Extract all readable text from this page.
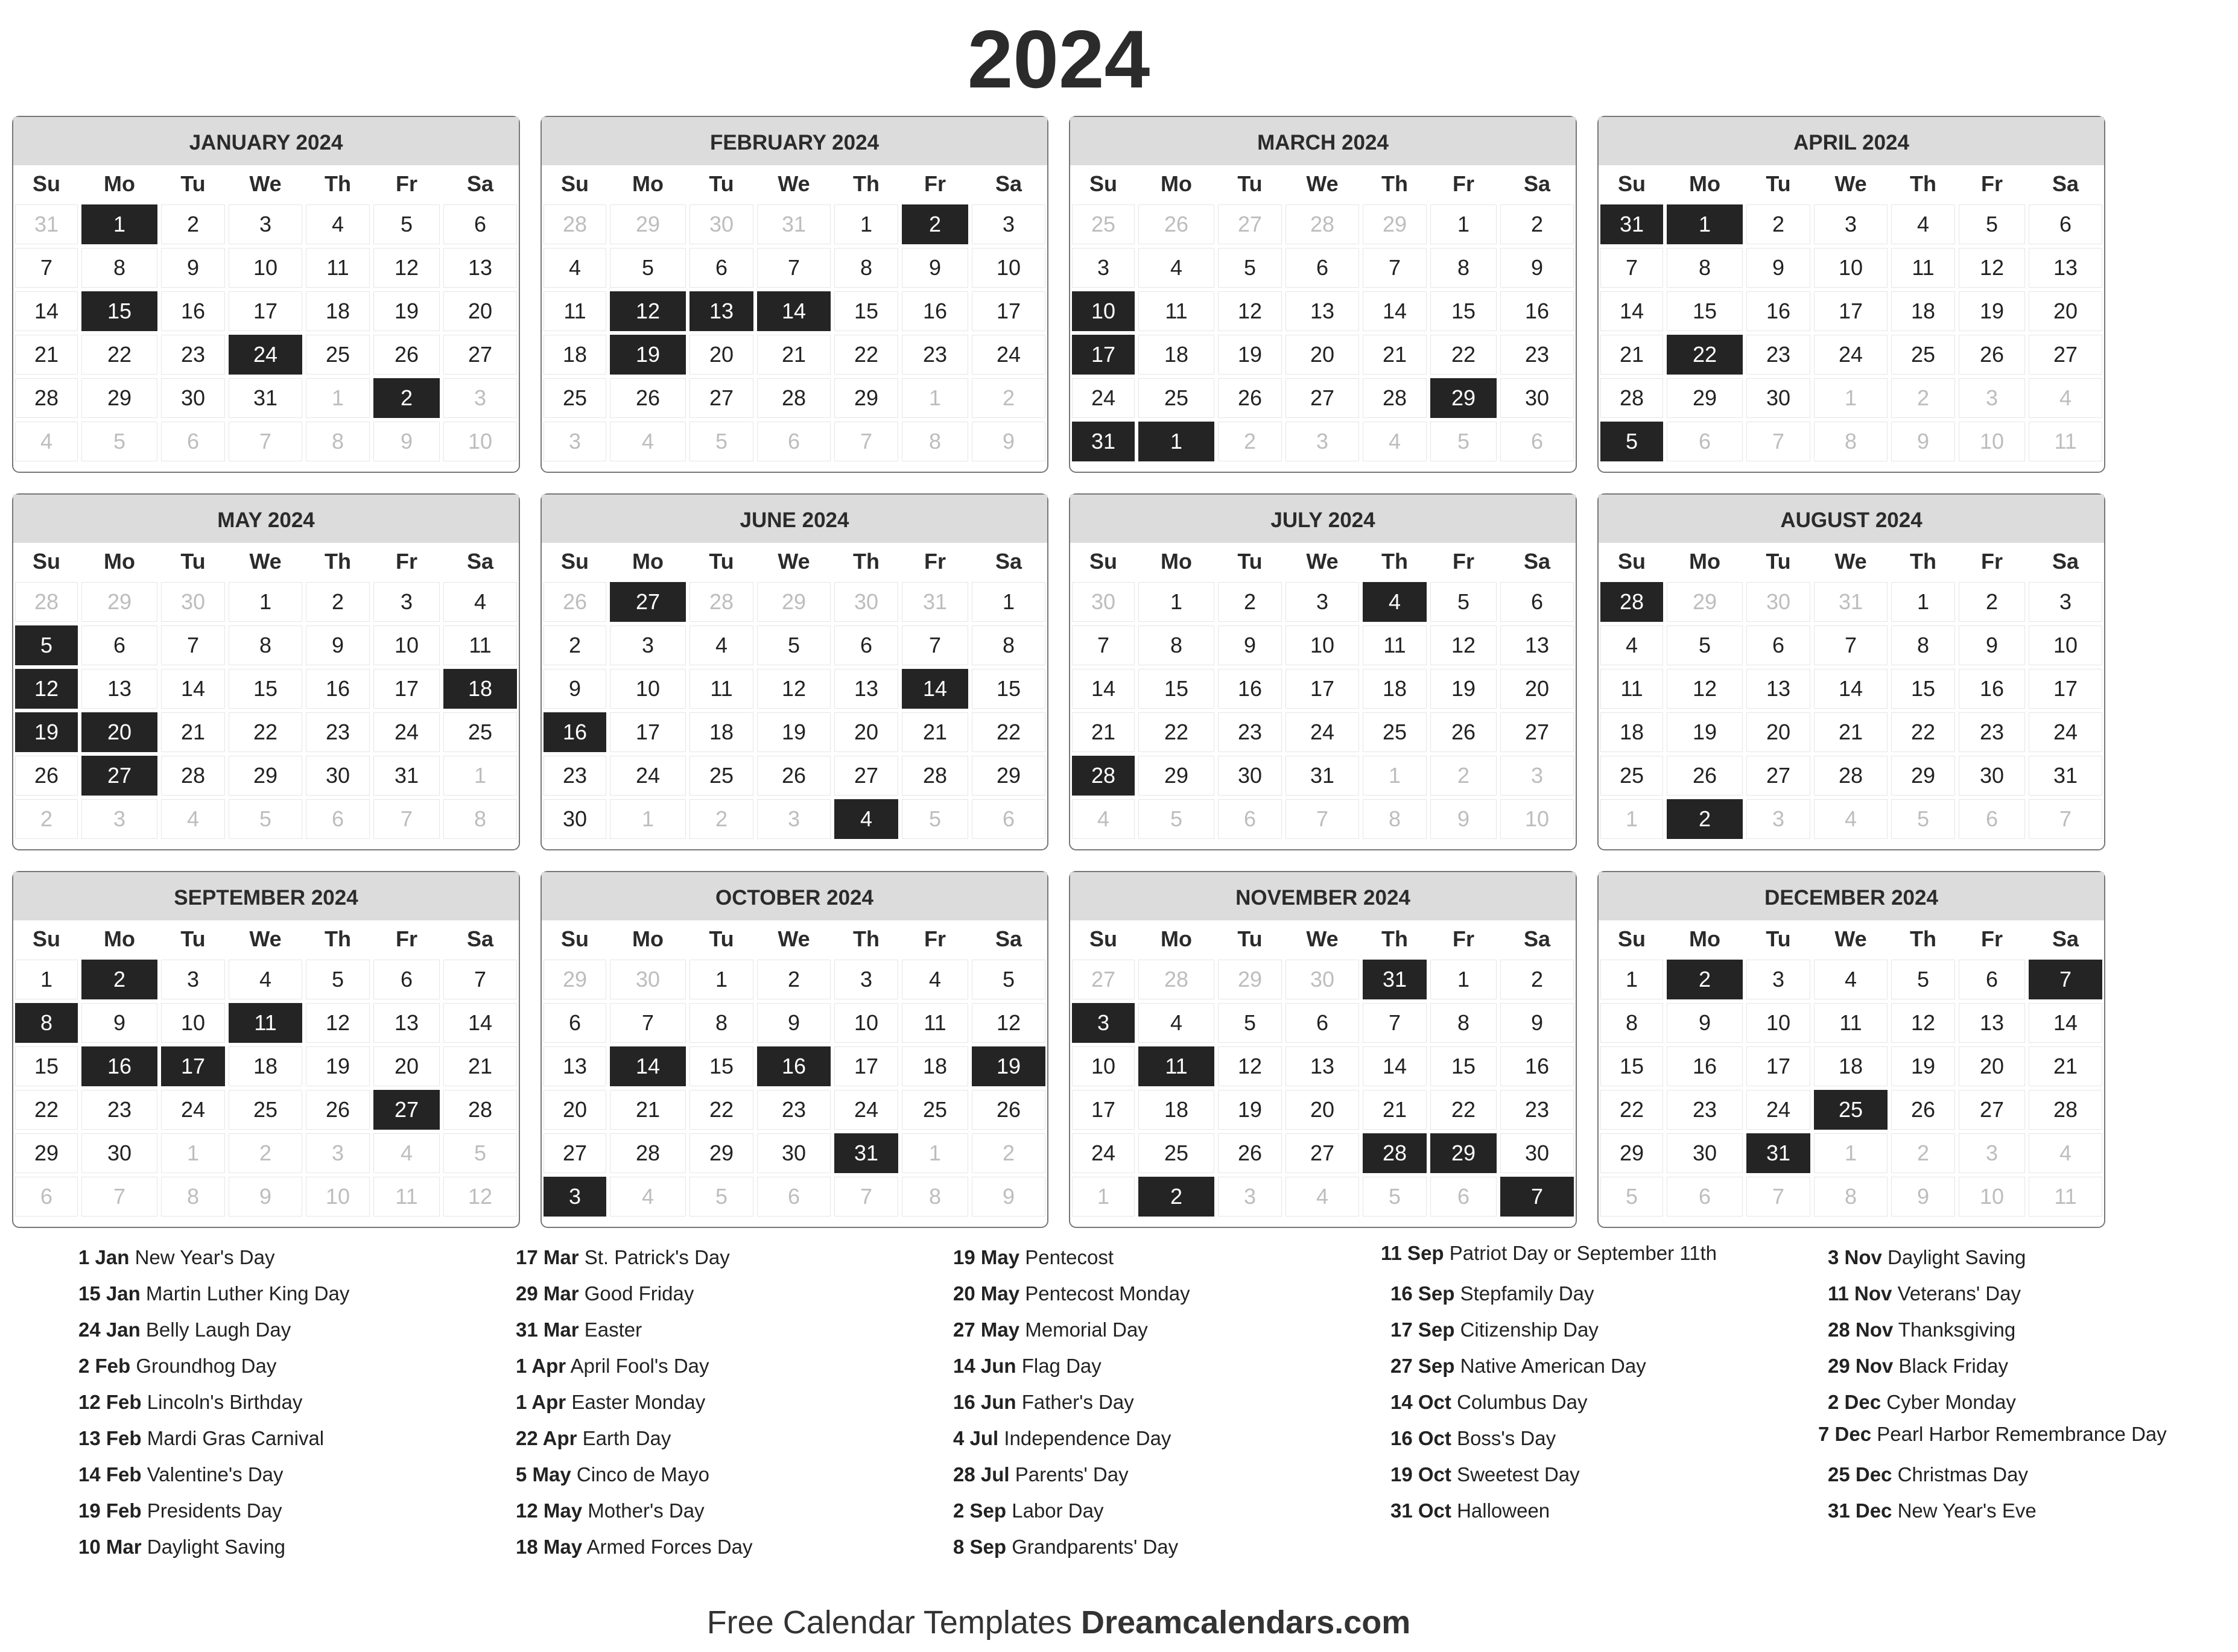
2024
JANUARY 2024
Su	Mo	Tu	We	Th	Fr	Sa
31	1	2	3	4	5	6
7	8	9	10	11	12	13
14	15	16	17	18	19	20
21	22	23	24	25	26	27
28	29	30	31	1	2	3
4	5	6	7	8	9	10
FEBRUARY 2024
Su	Mo	Tu	We	Th	Fr	Sa
28	29	30	31	1	2	3
4	5	6	7	8	9	10
11	12	13	14	15	16	17
18	19	20	21	22	23	24
25	26	27	28	29	1	2
3	4	5	6	7	8	9
MARCH 2024
Su	Mo	Tu	We	Th	Fr	Sa
25	26	27	28	29	1	2
3	4	5	6	7	8	9
10	11	12	13	14	15	16
17	18	19	20	21	22	23
24	25	26	27	28	29	30
31	1	2	3	4	5	6
APRIL 2024
Su	Mo	Tu	We	Th	Fr	Sa
31	1	2	3	4	5	6
7	8	9	10	11	12	13
14	15	16	17	18	19	20
21	22	23	24	25	26	27
28	29	30	1	2	3	4
5	6	7	8	9	10	11
MAY 2024
Su	Mo	Tu	We	Th	Fr	Sa
28	29	30	1	2	3	4
5	6	7	8	9	10	11
12	13	14	15	16	17	18
19	20	21	22	23	24	25
26	27	28	29	30	31	1
2	3	4	5	6	7	8
JUNE 2024
Su	Mo	Tu	We	Th	Fr	Sa
26	27	28	29	30	31	1
2	3	4	5	6	7	8
9	10	11	12	13	14	15
16	17	18	19	20	21	22
23	24	25	26	27	28	29
30	1	2	3	4	5	6
JULY 2024
Su	Mo	Tu	We	Th	Fr	Sa
30	1	2	3	4	5	6
7	8	9	10	11	12	13
14	15	16	17	18	19	20
21	22	23	24	25	26	27
28	29	30	31	1	2	3
4	5	6	7	8	9	10
AUGUST 2024
Su	Mo	Tu	We	Th	Fr	Sa
28	29	30	31	1	2	3
4	5	6	7	8	9	10
11	12	13	14	15	16	17
18	19	20	21	22	23	24
25	26	27	28	29	30	31
1	2	3	4	5	6	7
SEPTEMBER 2024
Su	Mo	Tu	We	Th	Fr	Sa
1	2	3	4	5	6	7
8	9	10	11	12	13	14
15	16	17	18	19	20	21
22	23	24	25	26	27	28
29	30	1	2	3	4	5
6	7	8	9	10	11	12
OCTOBER 2024
Su	Mo	Tu	We	Th	Fr	Sa
29	30	1	2	3	4	5
6	7	8	9	10	11	12
13	14	15	16	17	18	19
20	21	22	23	24	25	26
27	28	29	30	31	1	2
3	4	5	6	7	8	9
NOVEMBER 2024
Su	Mo	Tu	We	Th	Fr	Sa
27	28	29	30	31	1	2
3	4	5	6	7	8	9
10	11	12	13	14	15	16
17	18	19	20	21	22	23
24	25	26	27	28	29	30
1	2	3	4	5	6	7
DECEMBER 2024
Su	Mo	Tu	We	Th	Fr	Sa
1	2	3	4	5	6	7
8	9	10	11	12	13	14
15	16	17	18	19	20	21
22	23	24	25	26	27	28
29	30	31	1	2	3	4
5	6	7	8	9	10	11
1 Jan New Year's Day
15 Jan Martin Luther King Day
24 Jan Belly Laugh Day
2 Feb Groundhog Day
12 Feb Lincoln's Birthday
13 Feb Mardi Gras Carnival
14 Feb Valentine's Day
19 Feb Presidents Day
10 Mar Daylight Saving
17 Mar St. Patrick's Day
29 Mar Good Friday
31 Mar Easter
1 Apr April Fool's Day
1 Apr Easter Monday
22 Apr Earth Day
5 May Cinco de Mayo
12 May Mother's Day
18 May Armed Forces Day
19 May Pentecost
20 May Pentecost Monday
27 May Memorial Day
14 Jun Flag Day
16 Jun Father's Day
4 Jul Independence Day
28 Jul Parents' Day
2 Sep Labor Day
8 Sep Grandparents' Day
11 Sep Patriot Day or September 11th
16 Sep Stepfamily Day
17 Sep Citizenship Day
27 Sep Native American Day
14 Oct Columbus Day
16 Oct Boss's Day
19 Oct Sweetest Day
31 Oct Halloween
3 Nov Daylight Saving
11 Nov Veterans' Day
28 Nov Thanksgiving
29 Nov Black Friday
2 Dec Cyber Monday
7 Dec Pearl Harbor Remembrance Day
25 Dec Christmas Day
31 Dec New Year's Eve
Free Calendar Templates Dreamcalendars.com
